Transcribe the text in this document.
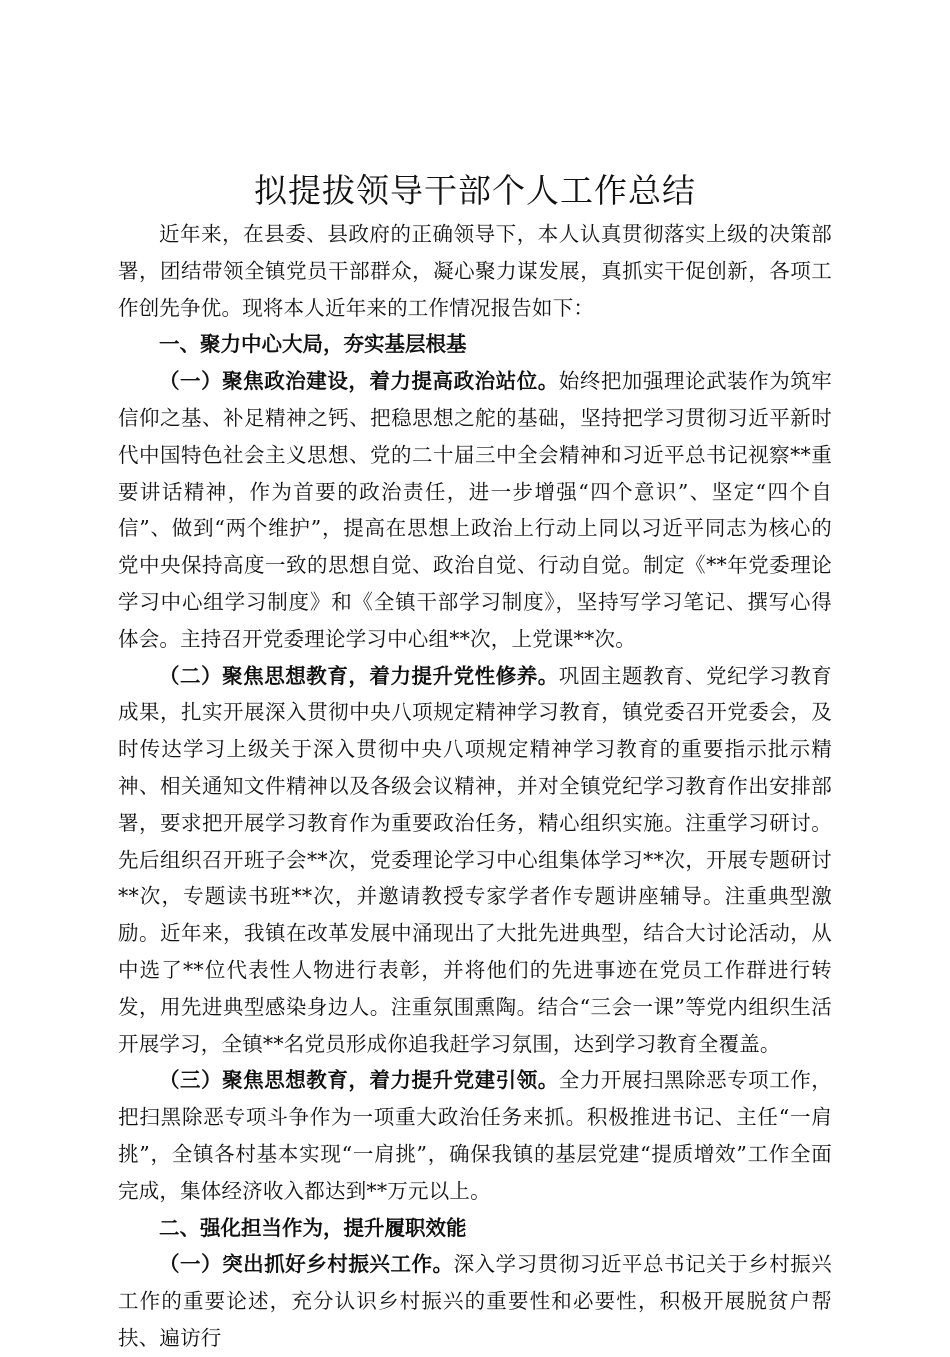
拟提拔领导干部个人工作总结

近年来，在县委、县政府的正确领导下，本人认真贯彻落实上级的决策部署，团结带领全镇党员干部群众，凝心聚力谋发展，真抓实干促创新，各项工作创先争优。现将本人近年来的工作情况报告如下：

一、聚力中心大局，夯实基层根基

（一）聚焦政治建设，着力提高政治站位。始终把加强理论武装作为筑牢信仰之基、补足精神之钙、把稳思想之舵的基础，坚持把学习贯彻习近平新时代中国特色社会主义思想、党的二十届三中全会精神和习近平总书记视察**重要讲话精神，作为首要的政治责任，进一步增强“四个意识”、坚定“四个自信”、做到“两个维护”，提高在思想上政治上行动上同以习近平同志为核心的党中央保持高度一致的思想自觉、政治自觉、行动自觉。制定《**年党委理论学习中心组学习制度》和《全镇干部学习制度》，坚持写学习笔记、撰写心得体会。主持召开党委理论学习中心组**次，上党课**次。

（二）聚焦思想教育，着力提升党性修养。巩固主题教育、党纪学习教育成果，扎实开展深入贯彻中央八项规定精神学习教育，镇党委召开党委会，及时传达学习上级关于深入贯彻中央八项规定精神学习教育的重要指示批示精神、相关通知文件精神以及各级会议精神，并对全镇党纪学习教育作出安排部署，要求把开展学习教育作为重要政治任务，精心组织实施。注重学习研讨。先后组织召开班子会**次，党委理论学习中心组集体学习**次，开展专题研讨**次，专题读书班**次，并邀请教授专家学者作专题讲座辅导。注重典型激励。近年来，我镇在改革发展中涌现出了大批先进典型，结合大讨论活动，从中选了**位代表性人物进行表彰，并将他们的先进事迹在党员工作群进行转发，用先进典型感染身边人。注重氛围熏陶。结合“三会一课”等党内组织生活开展学习，全镇**名党员形成你追我赶学习氛围，达到学习教育全覆盖。

（三）聚焦思想教育，着力提升党建引领。全力开展扫黑除恶专项工作，把扫黑除恶专项斗争作为一项重大政治任务来抓。积极推进书记、主任“一肩挑”，全镇各村基本实现“一肩挑”，确保我镇的基层党建“提质增效”工作全面完成，集体经济收入都达到**万元以上。

二、强化担当作为，提升履职效能

（一）突出抓好乡村振兴工作。深入学习贯彻习近平总书记关于乡村振兴工作的重要论述，充分认识乡村振兴的重要性和必要性，积极开展脱贫户帮扶、遍访行
